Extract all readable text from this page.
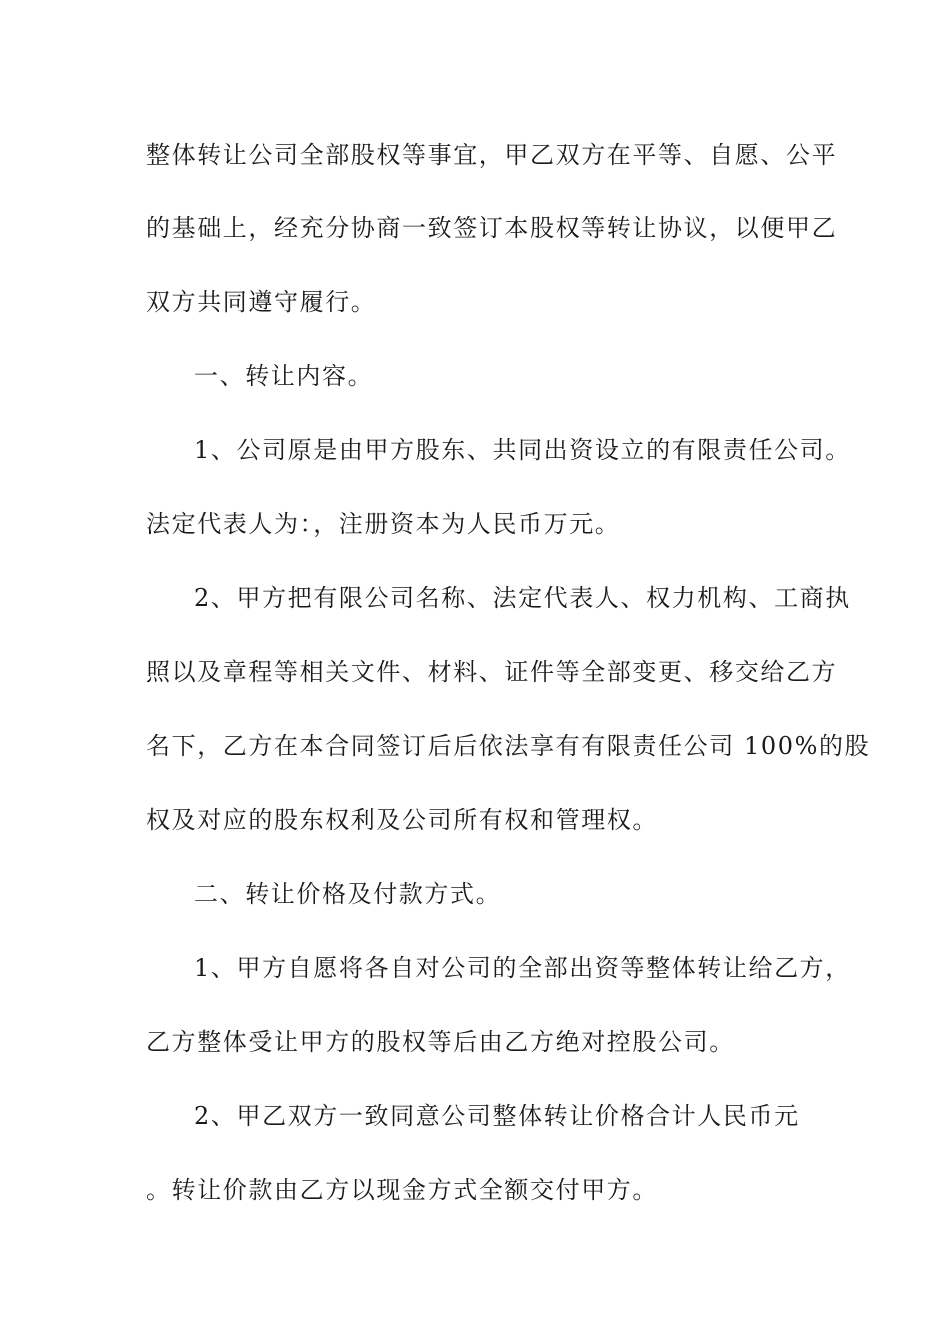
整体转让公司全部股权等事宜，甲乙双方在平等、自愿、公平
的基础上，经充分协商一致签订本股权等转让协议，以便甲乙
双方共同遵守履行。
一、转让内容。
1、公司原是由甲方股东、共同出资设立的有限责任公司。
法定代表人为：，注册资本为人民币万元。
2、甲方把有限公司名称、法定代表人、权力机构、工商执
照以及章程等相关文件、材料、证件等全部变更、移交给乙方
名下，乙方在本合同签订后后依法享有有限责任公司 100%的股
权及对应的股东权利及公司所有权和管理权。
二、转让价格及付款方式。
1、甲方自愿将各自对公司的全部出资等整体转让给乙方，
乙方整体受让甲方的股权等后由乙方绝对控股公司。
2、甲乙双方一致同意公司整体转让价格合计人民币元
。转让价款由乙方以现金方式全额交付甲方。
